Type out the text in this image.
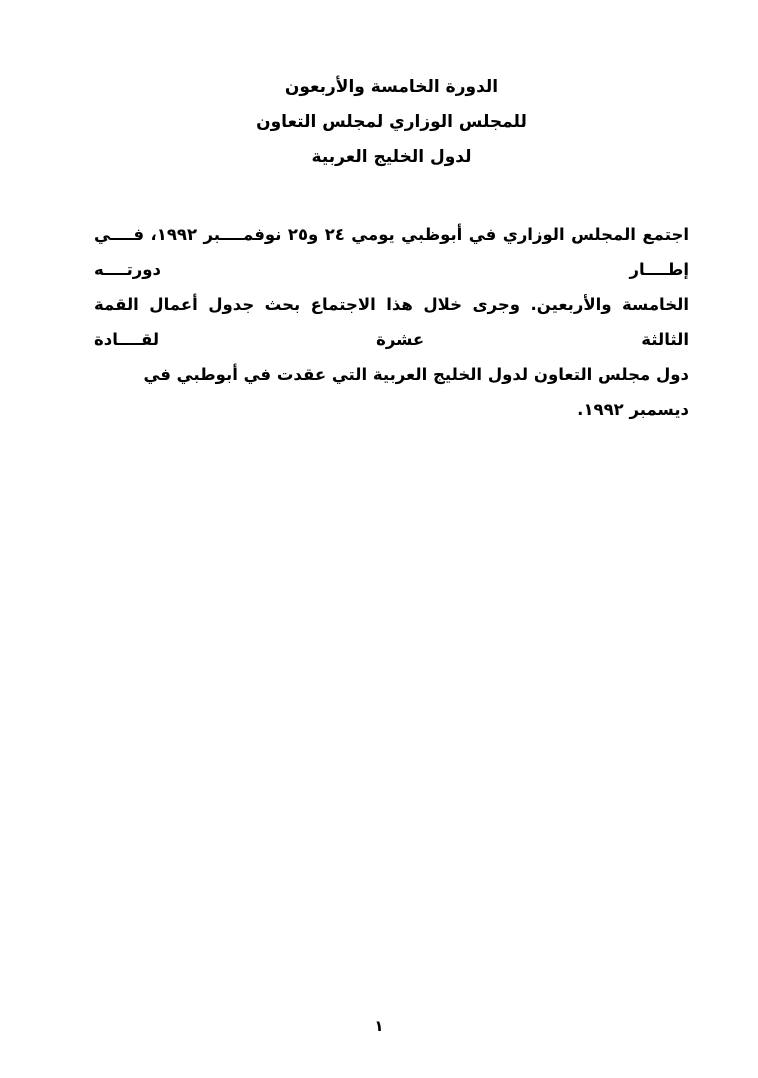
الدورة الخامسة والأربعون
للمجلس الوزاري لمجلس التعاون
لدول الخليج العربية
اجتمع المجلس الوزاري في أبوظبي يومي ٢٤ و٢٥ نوفمــــبر ١٩٩٢، فــــي إطــــار دورتــــه
الخامسة والأربعين. وجرى خلال هذا الاجتماع بحث جدول أعمال القمة الثالثة عشرة لقــــادة
دول مجلس التعاون لدول الخليج العربية التي عقدت في أبوطبي في ديسمبر ١٩٩٢.
١
